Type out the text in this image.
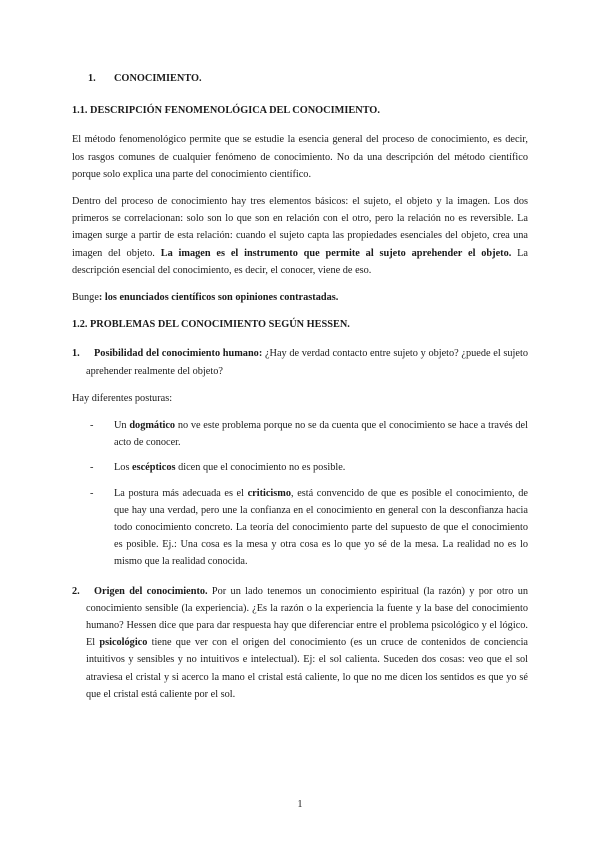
1. CONOCIMIENTO.
1.1. DESCRIPCIÓN FENOMENOLÓGICA DEL CONOCIMIENTO.

El método fenomenológico permite que se estudie la esencia general del proceso de conocimiento, es decir, los rasgos comunes de cualquier fenómeno de conocimiento. No da una descripción del método científico porque solo explica una parte del conocimiento científico.

Dentro del proceso de conocimiento hay tres elementos básicos: el sujeto, el objeto y la imagen. Los dos primeros se correlacionan: solo son lo que son en relación con el otro, pero la relación no es reversible. La imagen surge a partir de esta relación: cuando el sujeto capta las propiedades esenciales del objeto, crea una imagen del objeto. La imagen es el instrumento que permite al sujeto aprehender el objeto. La descripción esencial del conocimiento, es decir, el conocer, viene de eso.

Bunge: los enunciados científicos son opiniones contrastadas.

1.2. PROBLEMAS DEL CONOCIMIENTO SEGÚN HESSEN.
1. Posibilidad del conocimiento humano: ¿Hay de verdad contacto entre sujeto y objeto? ¿puede el sujeto aprehender realmente del objeto?

Hay diferentes posturas:

- Un dogmático no ve este problema porque no se da cuenta que el conocimiento se hace a través del acto de conocer.
- Los escépticos dicen que el conocimiento no es posible.
- La postura más adecuada es el criticismo, está convencido de que es posible el conocimiento, de que hay una verdad, pero une la confianza en el conocimiento en general con la desconfianza hacia todo conocimiento concreto. La teoría del conocimiento parte del supuesto de que el conocimiento es posible. Ej.: Una cosa es la mesa y otra cosa es lo que yo sé de la mesa. La realidad no es lo mismo que la realidad conocida.
2. Origen del conocimiento. Por un lado tenemos un conocimiento espiritual (la razón) y por otro un conocimiento sensible (la experiencia). ¿Es la razón o la experiencia la fuente y la base del conocimiento humano? Hessen dice que para dar respuesta hay que diferenciar entre el problema psicológico y el lógico. El psicológico tiene que ver con el origen del conocimiento (es un cruce de contenidos de conciencia intuitivos y sensibles y no intuitivos e intelectual). Ej: el sol calienta. Suceden dos cosas: veo que el sol atraviesa el cristal y si acerco la mano el cristal está caliente, lo que no me dicen los sentidos es que yo sé que el cristal está caliente por el sol.
1
